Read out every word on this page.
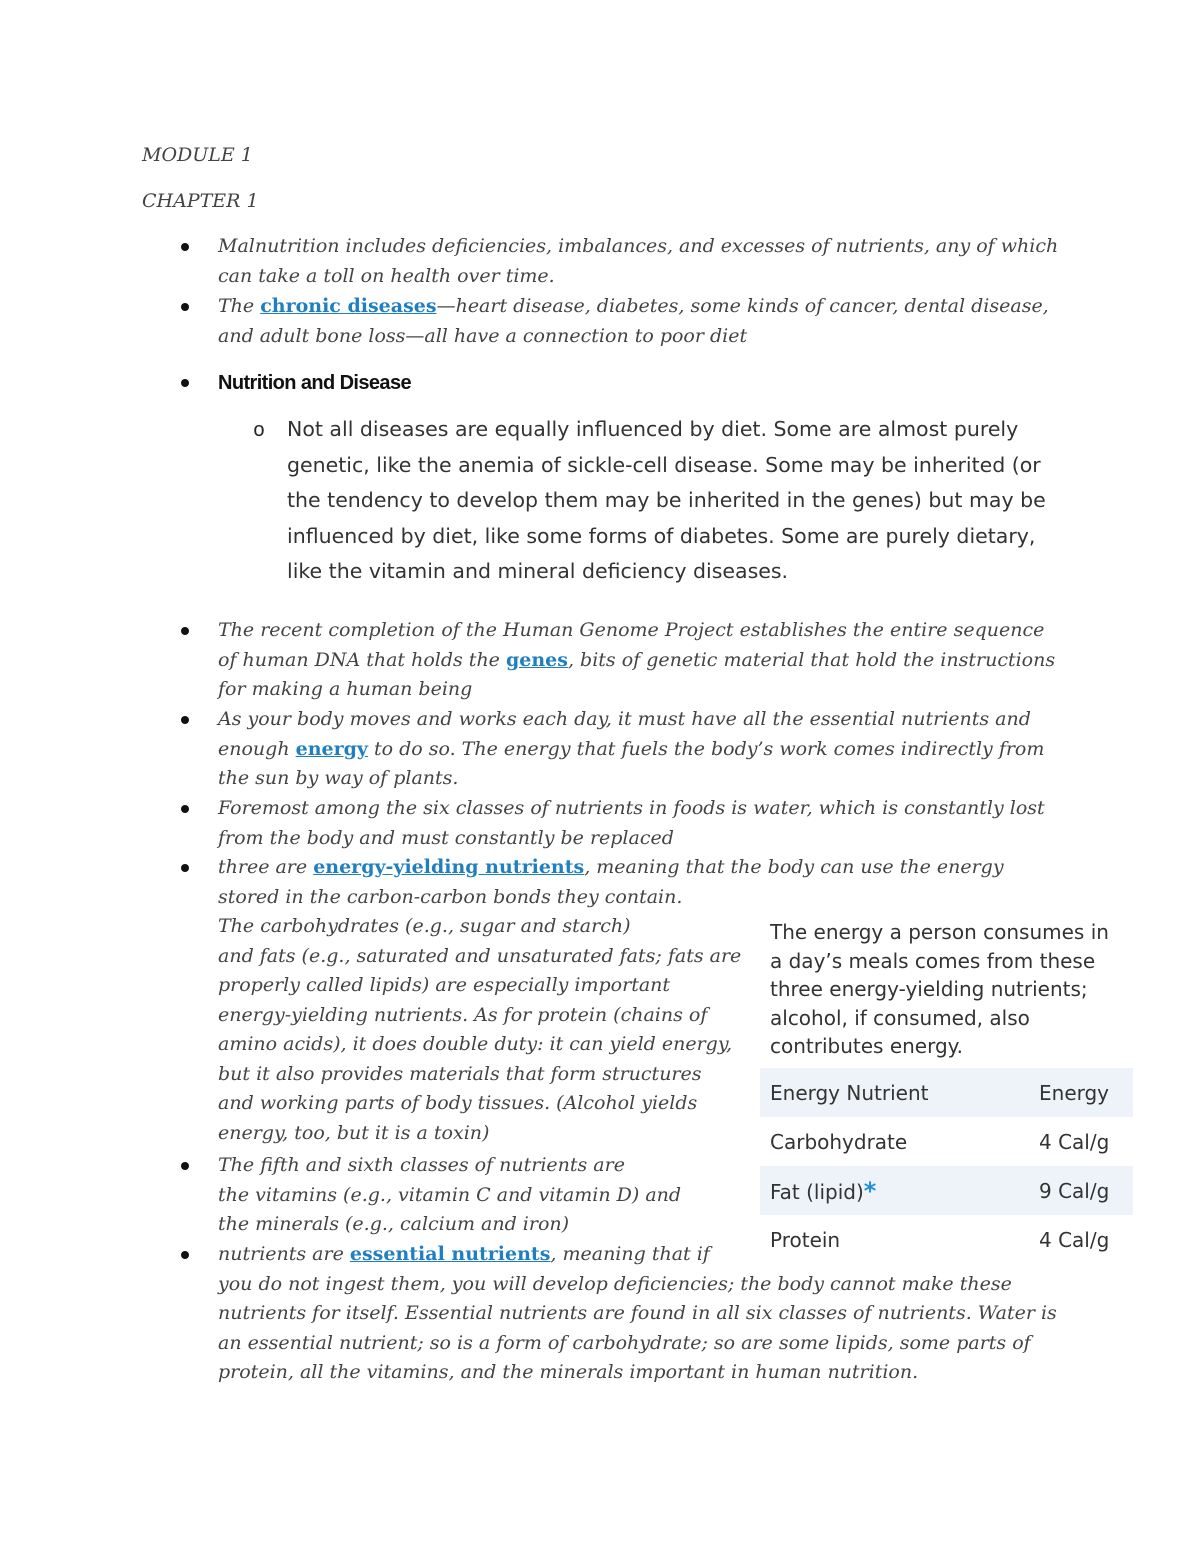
MODULE 1
CHAPTER 1
Malnutrition includes deficiencies, imbalances, and excesses of nutrients, any of which
can take a toll on health over time.
The chronic diseases—heart disease, diabetes, some kinds of cancer, dental disease,
and adult bone loss—all have a connection to poor diet
Nutrition and Disease
o Not all diseases are equally influenced by diet. Some are almost purely
genetic, like the anemia of sickle-cell disease. Some may be inherited (or
the tendency to develop them may be inherited in the genes) but may be
influenced by diet, like some forms of diabetes. Some are purely dietary,
like the vitamin and mineral deficiency diseases.
The recent completion of the Human Genome Project establishes the entire sequence
of human DNA that holds the genes, bits of genetic material that hold the instructions
for making a human being
As your body moves and works each day, it must have all the essential nutrients and
enough energy to do so. The energy that fuels the body’s work comes indirectly from
the sun by way of plants.
Foremost among the six classes of nutrients in foods is water, which is constantly lost
from the body and must constantly be replaced
three are energy-yielding nutrients, meaning that the body can use the energy
stored in the carbon-carbon bonds they contain.
The carbohydrates (e.g., sugar and starch)
and fats (e.g., saturated and unsaturated fats; fats are
properly called lipids) are especially important
energy-yielding nutrients. As for protein (chains of
amino acids), it does double duty: it can yield energy,
but it also provides materials that form structures
and working parts of body tissues. (Alcohol yields
energy, too, but it is a toxin)
The fifth and sixth classes of nutrients are
the vitamins (e.g., vitamin C and vitamin D) and
the minerals (e.g., calcium and iron)
nutrients are essential nutrients, meaning that if
you do not ingest them, you will develop deficiencies; the body cannot make these
nutrients for itself. Essential nutrients are found in all six classes of nutrients. Water is
an essential nutrient; so is a form of carbohydrate; so are some lipids, some parts of
protein, all the vitamins, and the minerals important in human nutrition.
The energy a person consumes in
a day’s meals comes from these
three energy-yielding nutrients;
alcohol, if consumed, also
contributes energy.
Energy Nutrient	Energy
Carbohydrate	4 Cal/g
Fat (lipid)*	9 Cal/g
Protein	4 Cal/g
